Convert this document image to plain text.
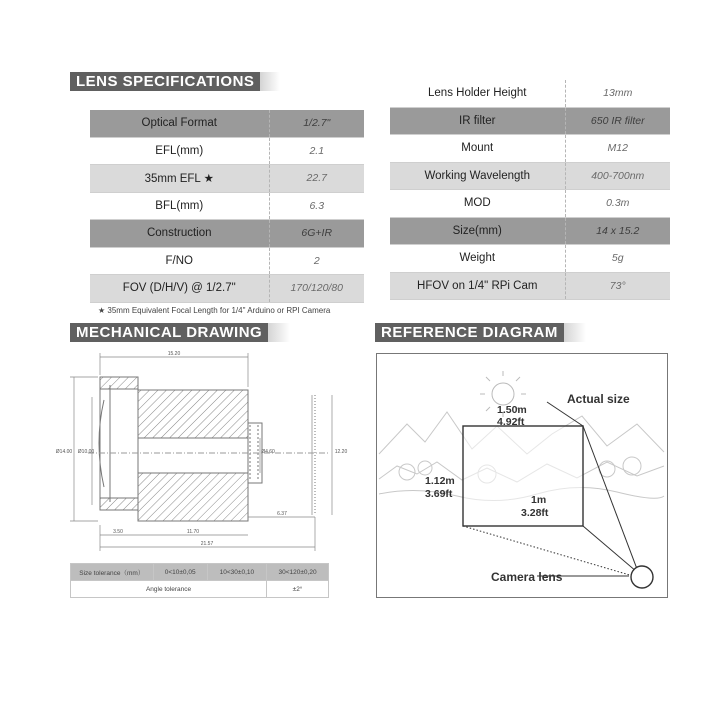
LENS SPECIFICATIONS
MECHANICAL DRAWING	REFERENCE DIAGRAM
Optical Format	1/2.7"
EFL(mm)	2.1
35mm EFL ★	22.7
BFL(mm)	6.3
Construction	6G+IR
F/NO	2
FOV (D/H/V) @ 1/2.7"	170/120/80
Lens Holder Height	13mm
IR filter	650 IR filter
Mount	M12
Working Wavelength	400-700nm
MOD	0.3m
Size(mm)	14 x 15.2
Weight	5g
HFOV on 1/4" RPi Cam	73°
★ 35mm Equivalent Focal Length for 1/4" Arduino or RPI Camera
15.20
Ø14.00 Ø10.00	Ø4.60	12.20
6.37
3.50	11.70
21.57
Size tolerance（mm）	0<10±0,05	10<30±0,10	30<120±0,20
Angle tolerance			±2°
Actual size
1.50m
4.92ft
1.12m
3.69ft	1m
3.28ft
Camera lens
